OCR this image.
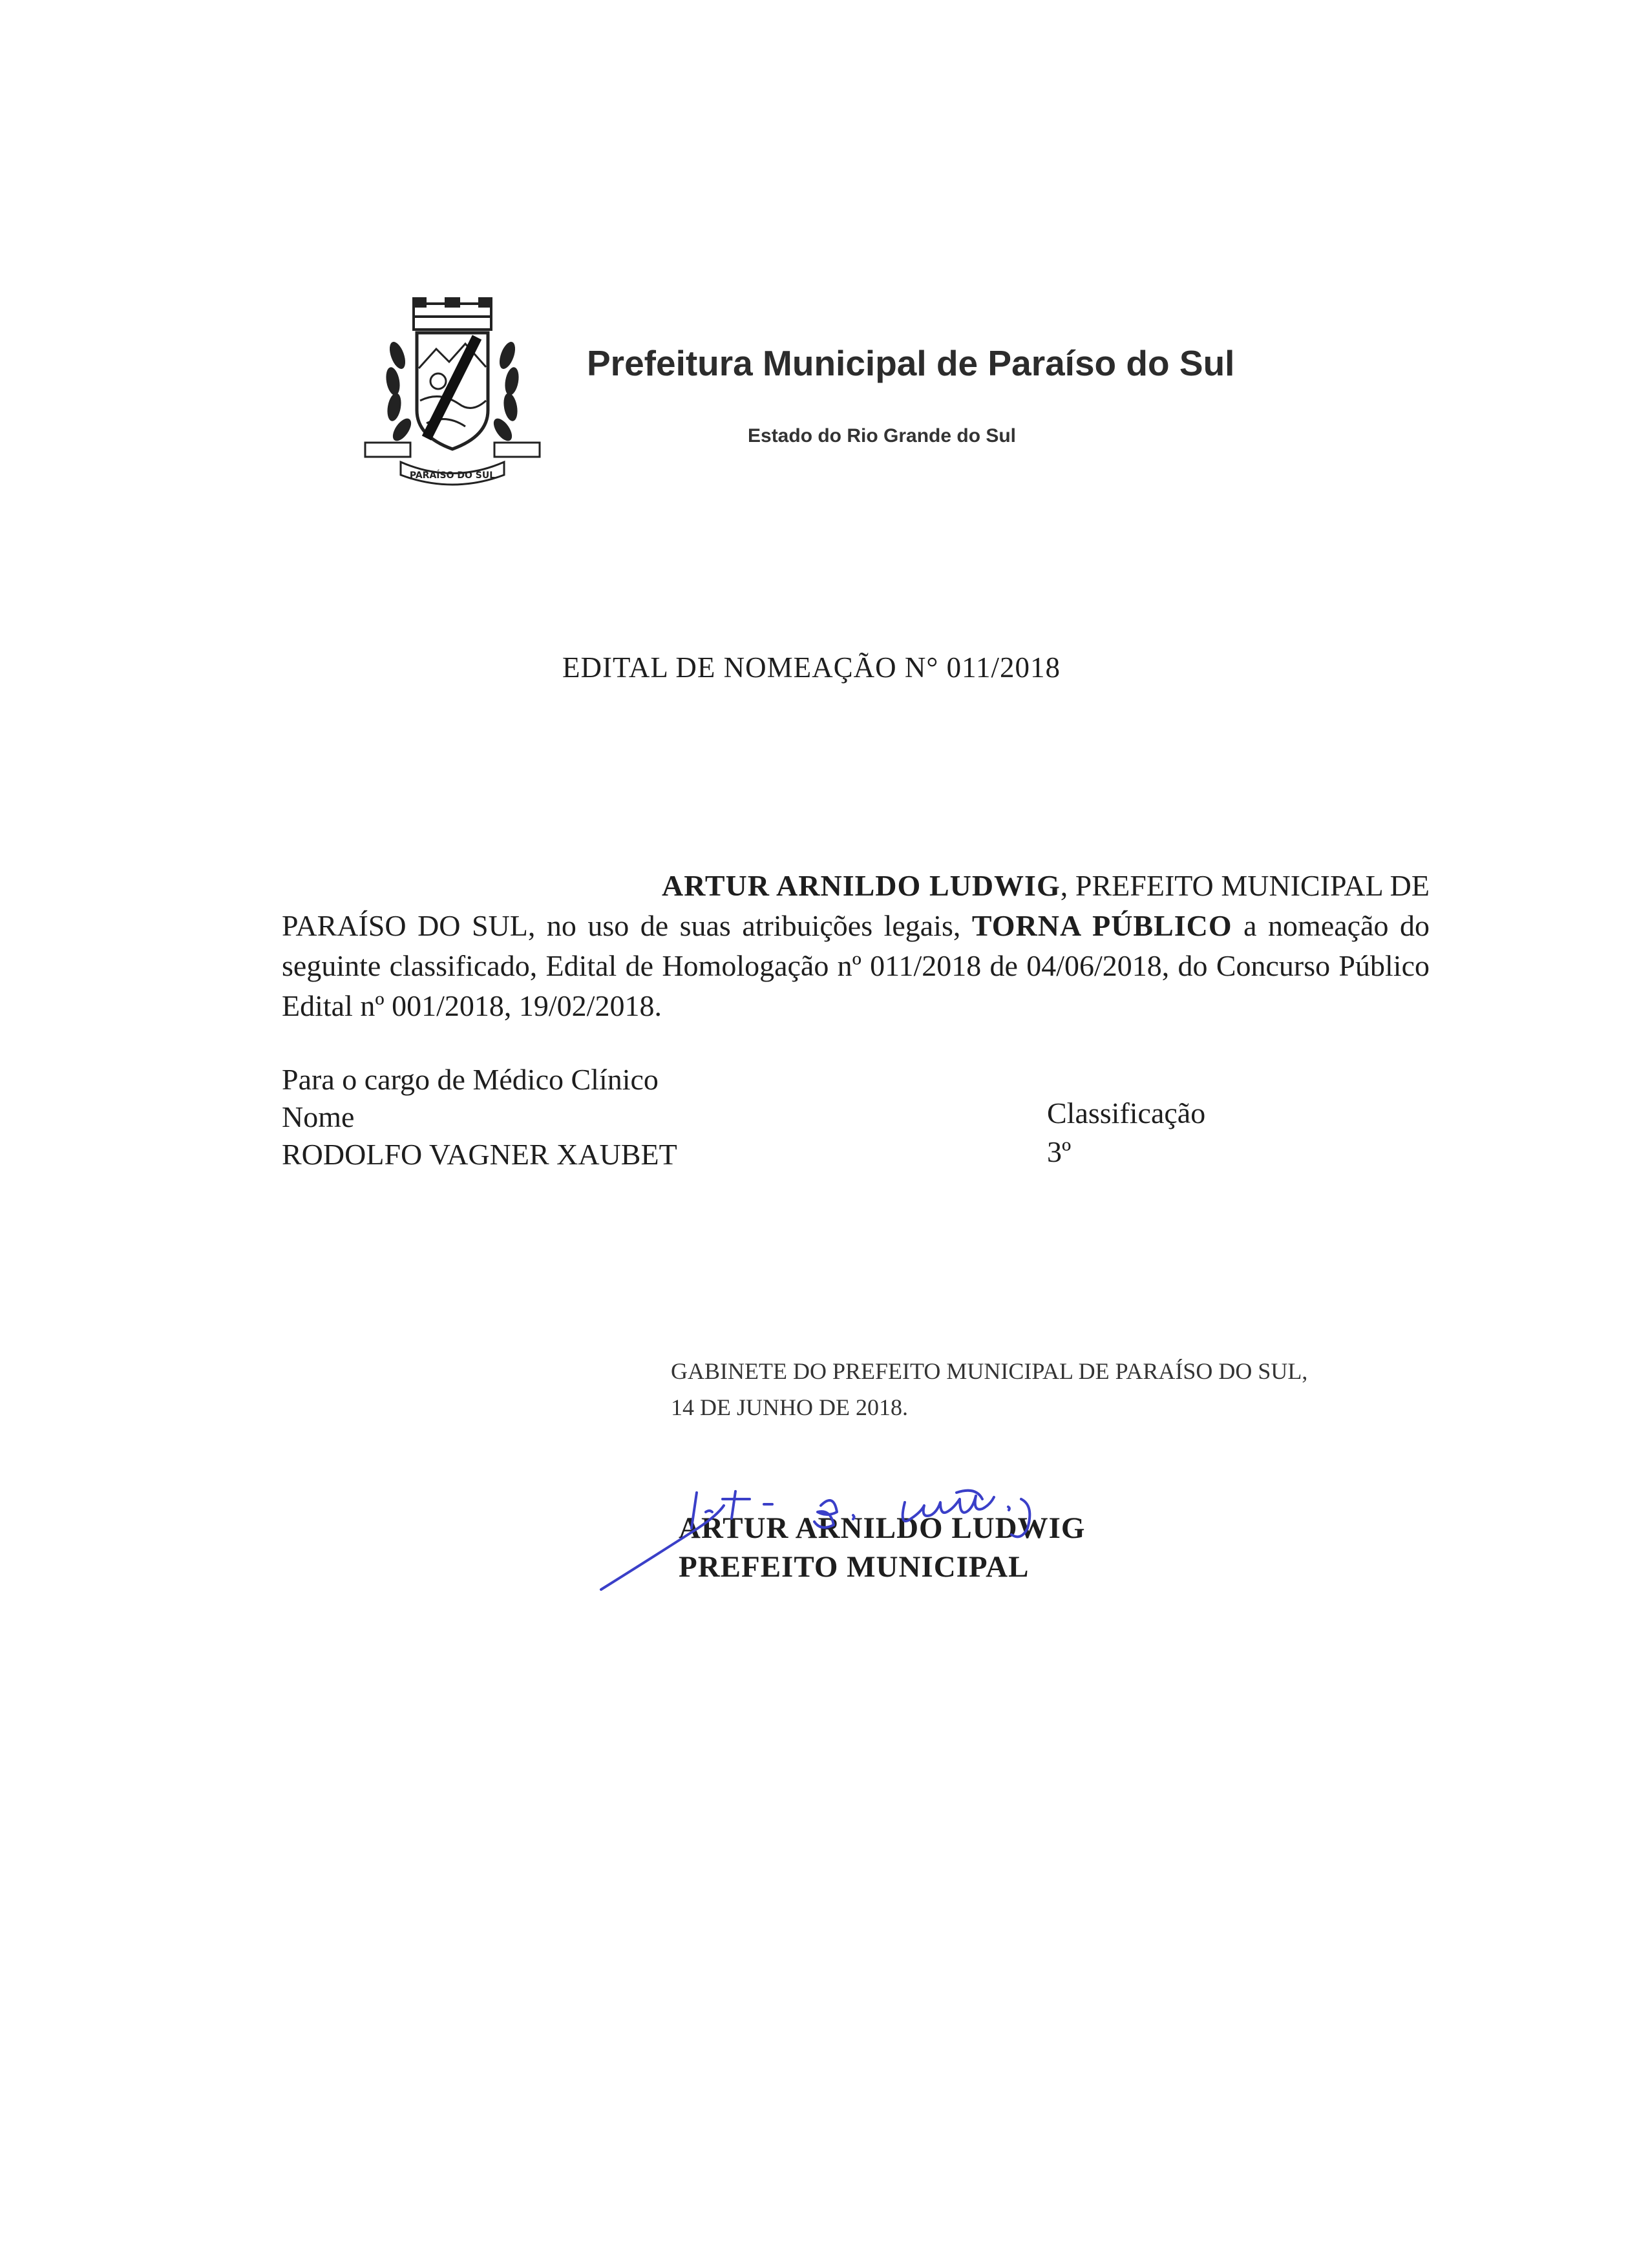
PARAÍSO DO SUL
Prefeitura Municipal de Paraíso do Sul
Estado do Rio Grande do Sul
EDITAL DE NOMEAÇÃO N° 011/2018
ARTUR ARNILDO LUDWIG, PREFEITO MUNICIPAL DE PARAÍSO DO SUL, no uso de suas atribuições legais, TORNA PÚBLICO a nomeação do seguinte classificado, Edital de Homologação nº 011/2018 de 04/06/2018, do Concurso Público Edital nº 001/2018, 19/02/2018.
Para o cargo de Médico Clínico
Nome	Classificação
RODOLFO VAGNER XAUBET	3º
GABINETE DO PREFEITO MUNICIPAL DE PARAÍSO DO SUL,
14 DE JUNHO DE 2018.
ARTUR ARNILDO LUDWIG
PREFEITO MUNICIPAL
